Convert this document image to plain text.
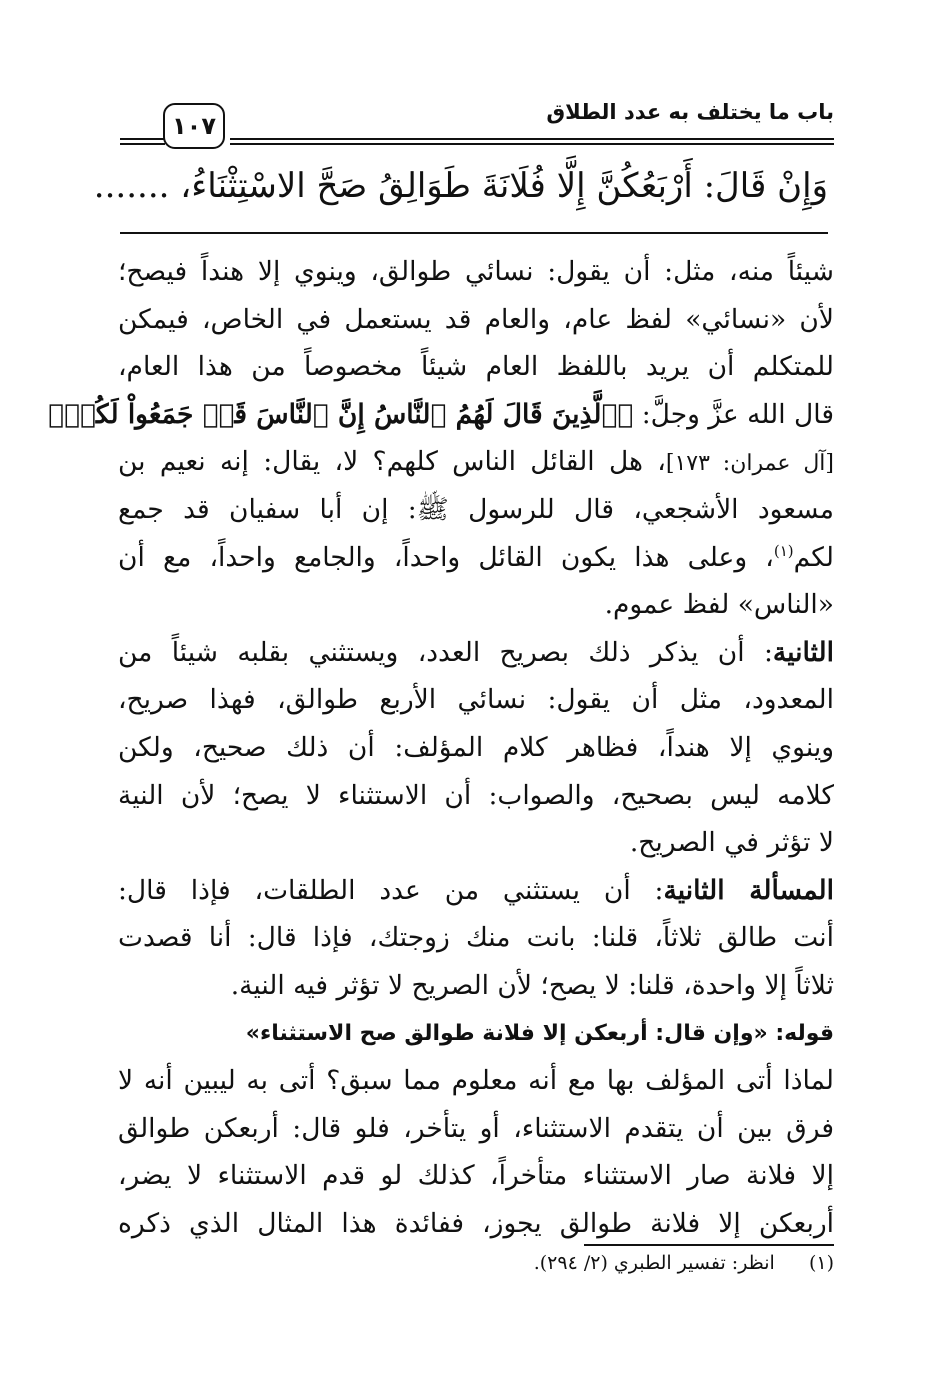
باب ما يختلف به عدد الطلاق
١٠٧
وَإِنْ قَالَ: أَرْبَعُكُنَّ إِلَّا فُلَانَةَ طَوَالِقُ صَحَّ الاسْتِثْنَاءُ، .......
شيئاً منه، مثل: أن يقول: نسائي طوالق، وينوي إلا هنداً فيصح؛
لأن «نسائي» لفظ عام، والعام قد يستعمل في الخاص، فيمكن
للمتكلم أن يريد باللفظ العام شيئاً مخصوصاً من هذا العام،
قال الله عزَّ وجلَّ: ﴿ٱلَّذِينَ قَالَ لَهُمُ ٱلنَّاسُ إِنَّ ٱلنَّاسَ قَدۡ جَمَعُواْ لَكُمۡ﴾
[آل عمران: ١٧٣]، هل القائل الناس كلهم؟ لا، يقال: إنه نعيم بن
مسعود الأشجعي، قال للرسول ﷺ: إن أبا سفيان قد جمع
لكم$^{(١)}$، وعلى هذا يكون القائل واحداً، والجامع واحداً، مع أن
«الناس» لفظ عموم.
الثانية: أن يذكر ذلك بصريح العدد، ويستثني بقلبه شيئاً من
المعدود، مثل أن يقول: نسائي الأربع طوالق، فهذا صريح،
وينوي إلا هنداً، فظاهر كلام المؤلف: أن ذلك صحيح، ولكن
كلامه ليس بصحيح، والصواب: أن الاستثناء لا يصح؛ لأن النية
لا تؤثر في الصريح.
المسألة الثانية: أن يستثني من عدد الطلقات، فإذا قال:
أنت طالق ثلاثاً، قلنا: بانت منك زوجتك، فإذا قال: أنا قصدت
ثلاثاً إلا واحدة، قلنا: لا يصح؛ لأن الصريح لا تؤثر فيه النية.
قوله: «وإن قال: أربعكن إلا فلانة طوالق صح الاستثناء»
لماذا أتى المؤلف بها مع أنه معلوم مما سبق؟ أتى به ليبين أنه لا
فرق بين أن يتقدم الاستثناء، أو يتأخر، فلو قال: أربعكن طوالق
إلا فلانة صار الاستثناء متأخراً، كذلك لو قدم الاستثناء لا يضر،
أربعكن إلا فلانة طوالق يجوز، ففائدة هذا المثال الذي ذكره
(١)  انظر: تفسير الطبري (٢/ ٢٩٤).
